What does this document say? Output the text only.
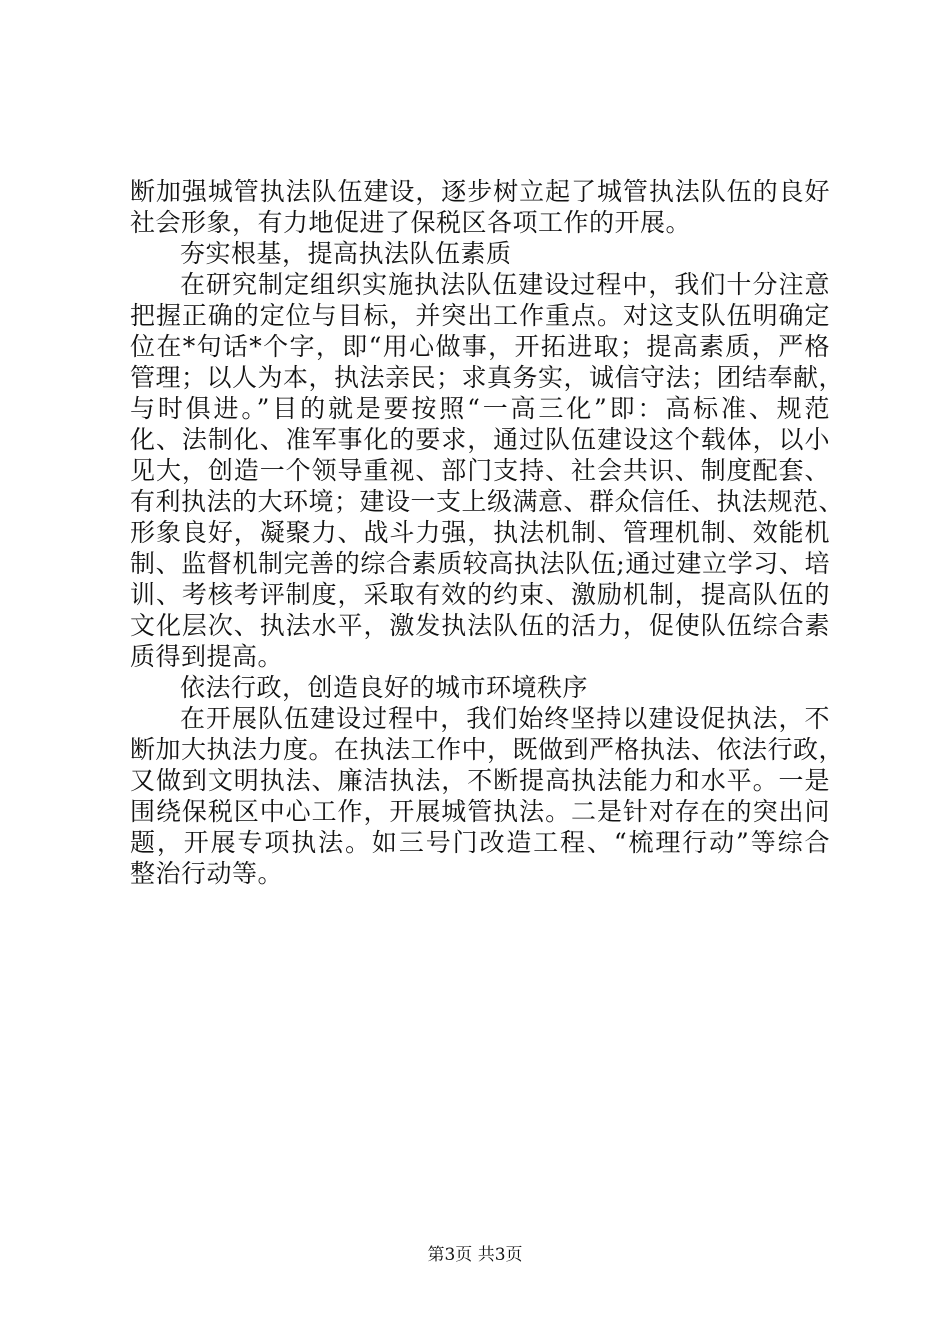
断加强城管执法队伍建设，逐步树立起了城管执法队伍的良好
社会形象，有力地促进了保税区各项工作的开展。
夯实根基，提高执法队伍素质
在研究制定组织实施执法队伍建设过程中，我们十分注意
把握正确的定位与目标，并突出工作重点。对这支队伍明确定
位在*句话*个字，即“用心做事，开拓进取；提高素质，严格
管理；以人为本，执法亲民；求真务实，诚信守法；团结奉献，
与时俱进。”目的就是要按照“一高三化”即：高标准、规范
化、法制化、准军事化的要求，通过队伍建设这个载体，以小
见大，创造一个领导重视、部门支持、社会共识、制度配套、
有利执法的大环境；建设一支上级满意、群众信任、执法规范、
形象良好，凝聚力、战斗力强，执法机制、管理机制、效能机
制、监督机制完善的综合素质较高执法队伍;通过建立学习、培
训、考核考评制度，采取有效的约束、激励机制，提高队伍的
文化层次、执法水平，激发执法队伍的活力，促使队伍综合素
质得到提高。
依法行政，创造良好的城市环境秩序
在开展队伍建设过程中，我们始终坚持以建设促执法，不
断加大执法力度。在执法工作中，既做到严格执法、依法行政，
又做到文明执法、廉洁执法，不断提高执法能力和水平。一是
围绕保税区中心工作，开展城管执法。二是针对存在的突出问
题，开展专项执法。如三号门改造工程、“梳理行动”等综合
整治行动等。
第3页 共3页
